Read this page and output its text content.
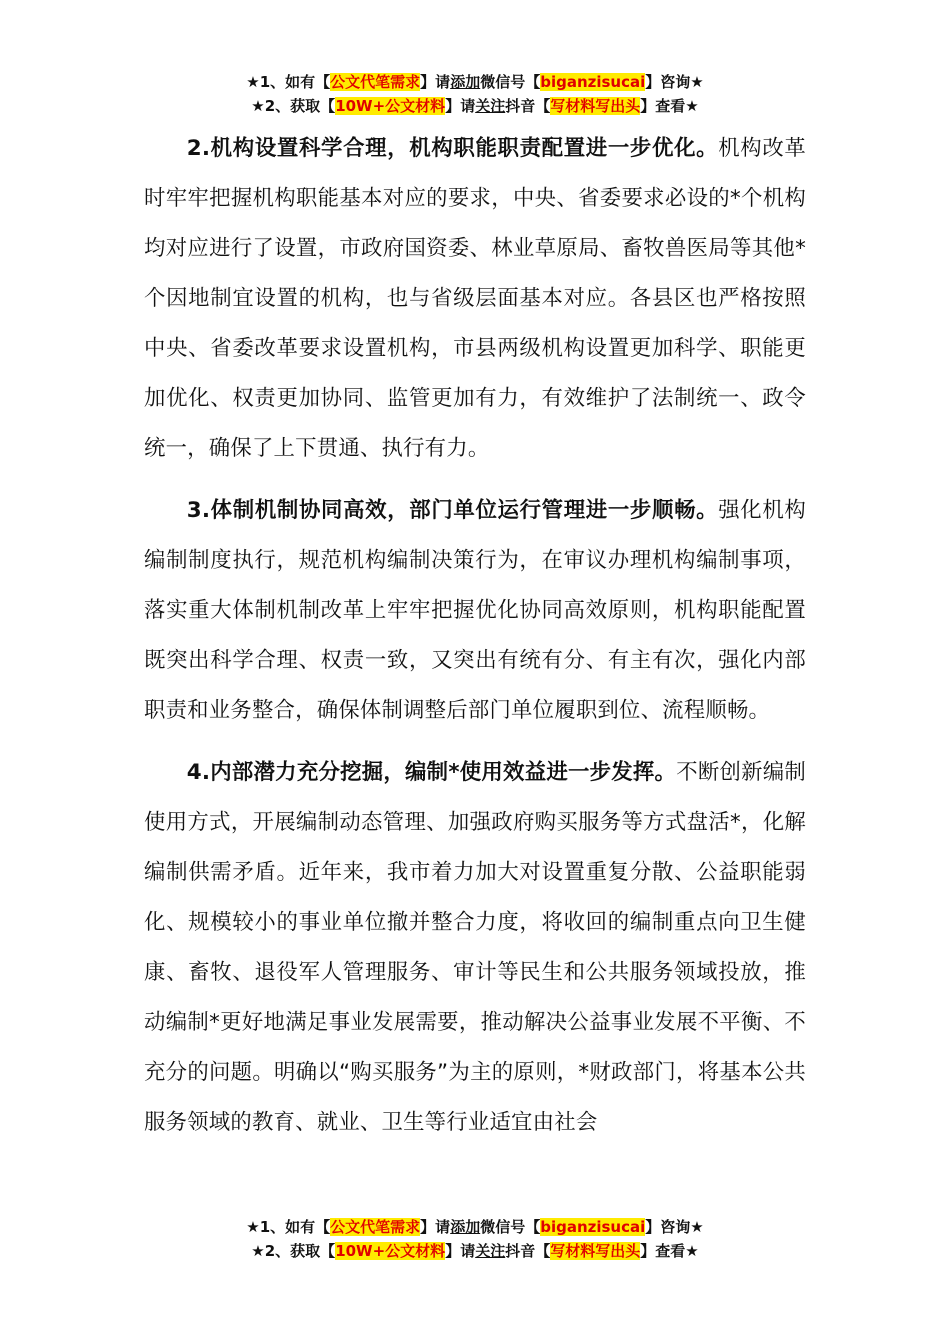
★1、如有【公文代笔需求】请添加微信号【biganzisucai】咨询★
★2、获取【10W+公文材料】请关注抖音【写材料写出头】查看★

2.机构设置科学合理，机构职能职责配置进一步优化。机构改革时牢牢把握机构职能基本对应的要求，中央、省委要求必设的*个机构均对应进行了设置，市政府国资委、林业草原局、畜牧兽医局等其他*个因地制宜设置的机构，也与省级层面基本对应。各县区也严格按照中央、省委改革要求设置机构，市县两级机构设置更加科学、职能更加优化、权责更加协同、监管更加有力，有效维护了法制统一、政令统一，确保了上下贯通、执行有力。

3.体制机制协同高效，部门单位运行管理进一步顺畅。强化机构编制制度执行，规范机构编制决策行为，在审议办理机构编制事项，落实重大体制机制改革上牢牢把握优化协同高效原则，机构职能配置既突出科学合理、权责一致，又突出有统有分、有主有次，强化内部职责和业务整合，确保体制调整后部门单位履职到位、流程顺畅。

4.内部潜力充分挖掘，编制*使用效益进一步发挥。不断创新编制使用方式，开展编制动态管理、加强政府购买服务等方式盘活*，化解编制供需矛盾。近年来，我市着力加大对设置重复分散、公益职能弱化、规模较小的事业单位撤并整合力度，将收回的编制重点向卫生健康、畜牧、退役军人管理服务、审计等民生和公共服务领域投放，推动编制*更好地满足事业发展需要，推动解决公益事业发展不平衡、不充分的问题。明确以“购买服务”为主的原则，*财政部门，将基本公共服务领域的教育、就业、卫生等行业适宜由社会

★1、如有【公文代笔需求】请添加微信号【biganzisucai】咨询★
★2、获取【10W+公文材料】请关注抖音【写材料写出头】查看★
